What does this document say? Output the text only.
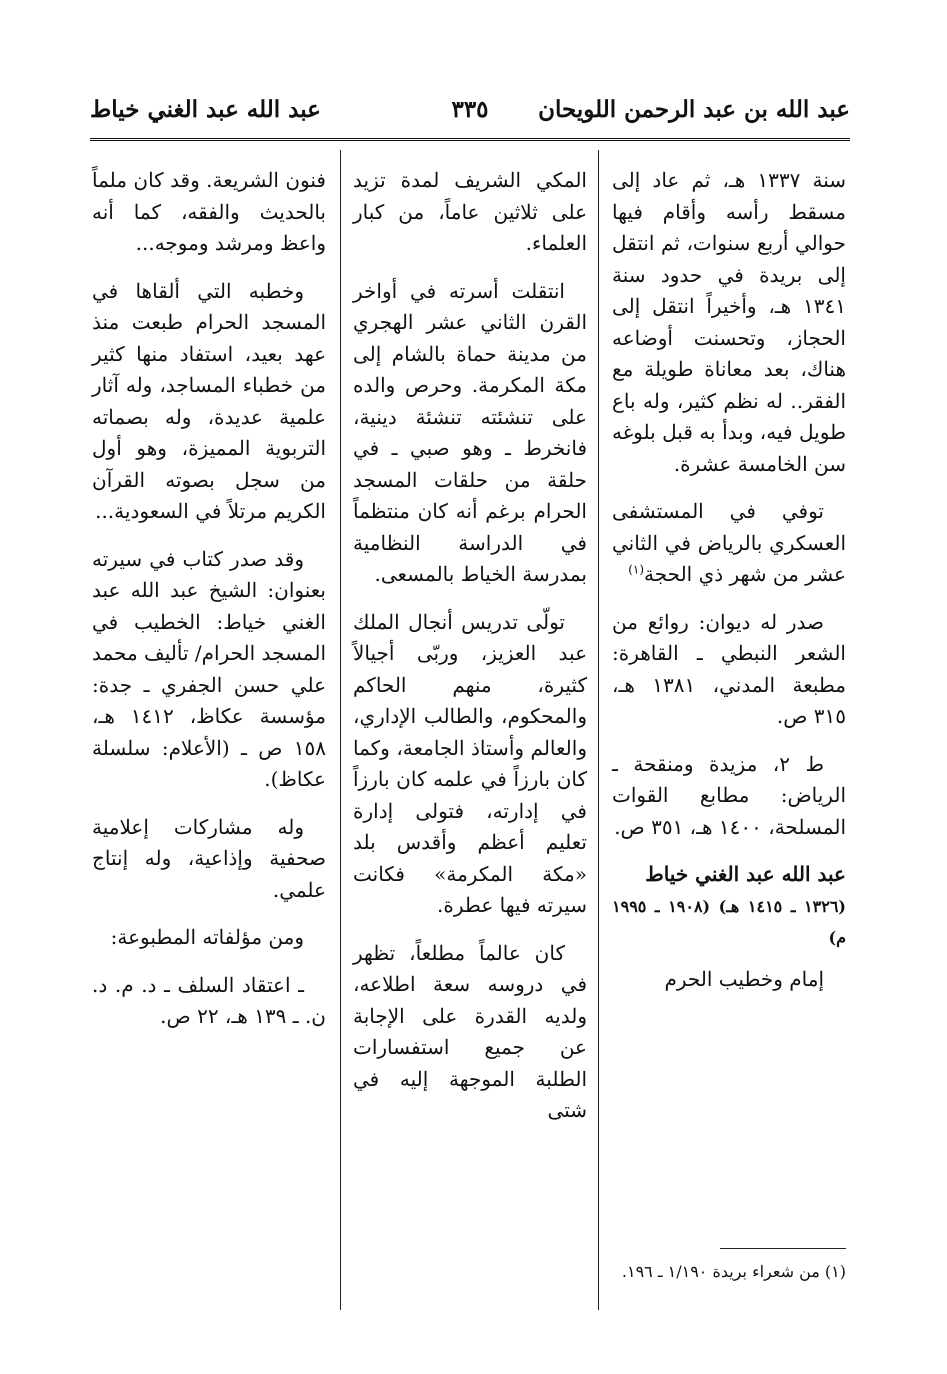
عبد الله بن عبد الرحمن اللويحان
٣٣٥
عبد الله عبد الغني خياط

سنة ١٣٣٧ هـ، ثم عاد إلى مسقط رأسه وأقام فيها حوالي أربع سنوات، ثم انتقل إلى بريدة في حدود سنة ١٣٤١ هـ، وأخيراً انتقل إلى الحجاز، وتحسنت أوضاعه هناك، بعد معاناة طويلة مع الفقر.. له نظم كثير، وله باع طويل فيه، وبدأ به قبل بلوغه سن الخامسة عشرة.

توفي في المستشفى العسكري بالرياض في الثاني عشر من شهر ذي الحجة$^{(١)}$

صدر له ديوان: روائع من الشعر النبطي ـ القاهرة: مطبعة المدني، ١٣٨١ هـ، ٣١٥ ص.

ط ٢، مزيدة ومنقحة ـ الرياض: مطابع القوات المسلحة، ١٤٠٠ هـ، ٣٥١ ص.

عبد الله عبد الغني خياط

(١٣٢٦ ـ ١٤١٥ هـ) (١٩٠٨ ـ ١٩٩٥ م)

إمام وخطيب الحرم

المكي الشريف لمدة تزيد على ثلاثين عاماً، من كبار العلماء.

انتقلت أسرته في أواخر القرن الثاني عشر الهجري من مدينة حماة بالشام إلى مكة المكرمة. وحرص والده على تنشئته تنشئة دينية، فانخرط ـ وهو صبي ـ في حلقة من حلقات المسجد الحرام برغم أنه كان منتظماً في الدراسة النظامية بمدرسة الخياط بالمسعى.

تولّى تدريس أنجال الملك عبد العزيز، وربّى أجيالاً كثيرة، منهم الحاكم والمحكوم، والطالب الإداري، والعالم وأستاذ الجامعة، وكما كان بارزاً في علمه كان بارزاً في إدارته، فتولى إدارة تعليم أعظم وأقدس بلد «مكة المكرمة» فكانت سيرته فيها عطرة.

كان عالماً مطلعاً، تظهر في دروسه سعة اطلاعه، ولديه القدرة على الإجابة عن جميع استفسارات الطلبة الموجهة إليه في شتى

فنون الشريعة. وقد كان ملماً بالحديث والفقه، كما أنه واعظ ومرشد وموجه...

وخطبه التي ألقاها في المسجد الحرام طبعت منذ عهد بعيد، استفاد منها كثير من خطباء المساجد، وله آثار علمية عديدة، وله بصماته التربوية المميزة، وهو أول من سجل بصوته القرآن الكريم مرتلاً في السعودية...

وقد صدر كتاب في سيرته بعنوان: الشيخ عبد الله عبد الغني خياط: الخطيب في المسجد الحرام/ تأليف محمد علي حسن الجفري ـ جدة: مؤسسة عكاظ، ١٤١٢ هـ، ١٥٨ ص ـ (الأعلام: سلسلة عكاظ).

وله مشاركات إعلامية صحفية وإذاعية، وله إنتاج علمي.

ومن مؤلفاته المطبوعة:

ـ اعتقاد السلف ـ د. م. د. ن. ـ ١٣٩ هـ، ٢٢ ص.

(١) من شعراء بريدة ١/١٩٠ ـ ١٩٦.
